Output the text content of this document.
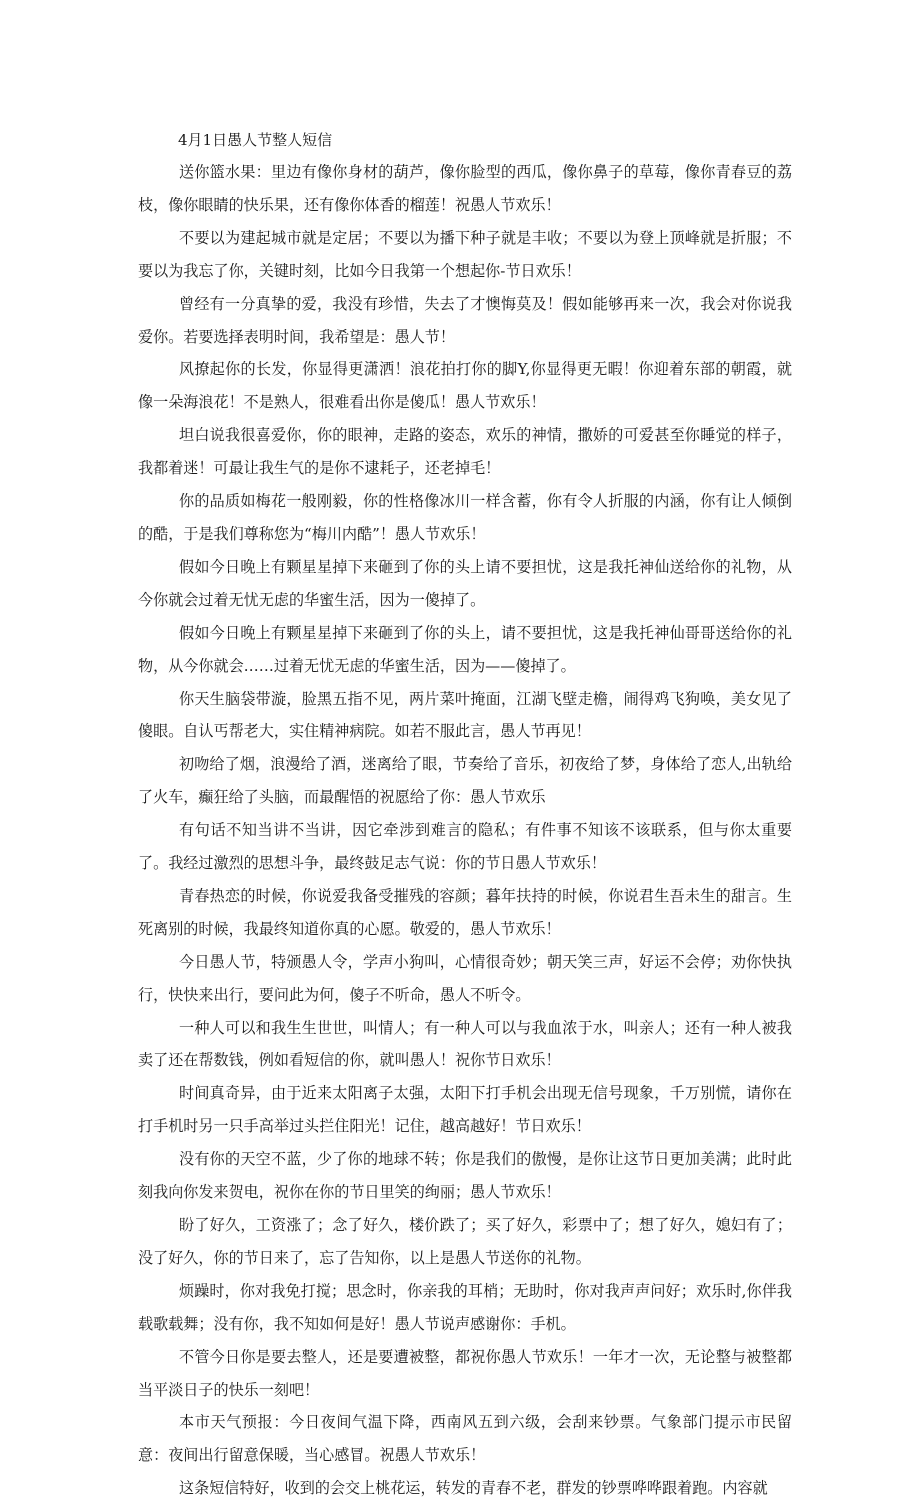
4月1日愚人节整人短信

送你篮水果：里边有像你身材的葫芦，像你脸型的西瓜，像你鼻子的草莓，像你青春豆的荔枝，像你眼睛的快乐果，还有像你体香的榴莲！祝愚人节欢乐！

不要以为建起城市就是定居；不要以为播下种子就是丰收；不要以为登上顶峰就是折服；不要以为我忘了你，关键时刻，比如今日我第一个想起你-节日欢乐！

曾经有一分真挚的爱，我没有珍惜，失去了才懊悔莫及！假如能够再来一次，我会对你说我爱你。若要选择表明时间，我希望是：愚人节！

风撩起你的长发，你显得更潇洒！浪花拍打你的脚Y,你显得更无暇！你迎着东部的朝霞，就像一朵海浪花！不是熟人，很难看出你是傻瓜！愚人节欢乐！

坦白说我很喜爱你，你的眼神，走路的姿态，欢乐的神情，撒娇的可爱甚至你睡觉的样子，我都着迷！可最让我生气的是你不逮耗子，还老掉毛！

你的品质如梅花一般刚毅，你的性格像冰川一样含蓄，你有令人折服的内涵，你有让人倾倒的酷，于是我们尊称您为“梅川内酷”！愚人节欢乐！

假如今日晚上有颗星星掉下来砸到了你的头上请不要担忧，这是我托神仙送给你的礼物，从今你就会过着无忧无虑的华蜜生活，因为一傻掉了。

假如今日晚上有颗星星掉下来砸到了你的头上，请不要担忧，这是我托神仙哥哥送给你的礼物，从今你就会……过着无忧无虑的华蜜生活，因为——傻掉了。

你天生脑袋带漩，脸黑五指不见，两片菜叶掩面，江湖飞壁走檐，闹得鸡飞狗唤，美女见了傻眼。自认丐帮老大，实住精神病院。如若不服此言，愚人节再见！

初吻给了烟，浪漫给了酒，迷离给了眼，节奏给了音乐，初夜给了梦，身体给了恋人,出轨给了火车，癫狂给了头脑，而最醒悟的祝愿给了你：愚人节欢乐

有句话不知当讲不当讲，因它牵涉到难言的隐私；有件事不知该不该联系，但与你太重要了。我经过激烈的思想斗争，最终鼓足志气说：你的节日愚人节欢乐！

青春热恋的时候，你说爱我备受摧残的容颜；暮年扶持的时候，你说君生吾未生的甜言。生死离别的时候，我最终知道你真的心愿。敬爱的，愚人节欢乐！

今日愚人节，特颁愚人令，学声小狗叫，心情很奇妙；朝天笑三声，好运不会停；劝你快执行，快快来出行，要问此为何，傻子不听命，愚人不听令。

一种人可以和我生生世世，叫情人；有一种人可以与我血浓于水，叫亲人；还有一种人被我卖了还在帮数钱，例如看短信的你，就叫愚人！祝你节日欢乐！

时间真奇异，由于近来太阳离子太强，太阳下打手机会出现无信号现象，千万别慌，请你在打手机时另一只手高举过头拦住阳光！记住，越高越好！节日欢乐！

没有你的天空不蓝，少了你的地球不转；你是我们的傲慢，是你让这节日更加美满；此时此刻我向你发来贺电，祝你在你的节日里笑的绚丽；愚人节欢乐！

盼了好久，工资涨了；念了好久，楼价跌了；买了好久，彩票中了；想了好久，媳妇有了；没了好久，你的节日来了，忘了告知你，以上是愚人节送你的礼物。

烦躁时，你对我免打搅；思念时，你亲我的耳梢；无助时，你对我声声问好；欢乐时,你伴我载歌载舞；没有你，我不知如何是好！愚人节说声感谢你：手机。

不管今日你是要去整人，还是要遭被整，都祝你愚人节欢乐！一年才一次，无论整与被整都当平淡日子的快乐一刻吧！

本市天气预报：今日夜间气温下降，西南风五到六级，会刮来钞票。气象部门提示市民留意：夜间出行留意保暖，当心感冒。祝愚人节欢乐！

这条短信特好，收到的会交上桃花运，转发的青春不老，群发的钞票哗哗跟着跑。内容就
